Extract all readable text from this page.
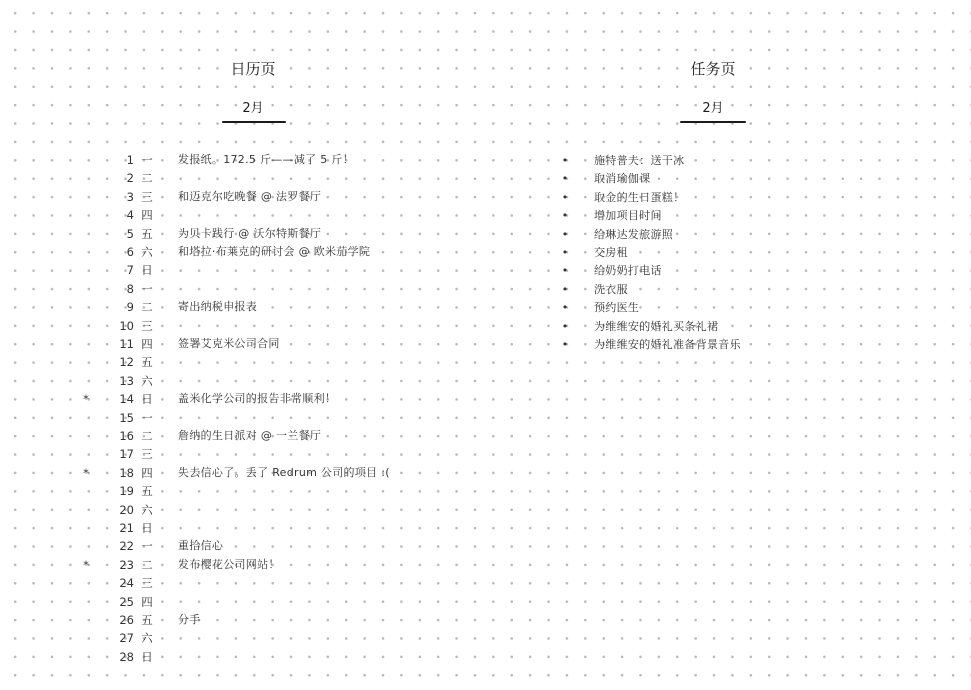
日历页
2月
1 一 发报纸。172.5 斤——减了 5 斤！
2 二
3 三 和迈克尔吃晚餐 @ 法罗餐厅
4 四
5 五 为贝卡践行 @ 沃尔特斯餐厅
6 六 和塔拉·布莱克的研讨会 @ 欧米茄学院
7 日
8 一
9 二 寄出纳税申报表
10 三
11 四 签署艾克米公司合同
12 五
13 六
*	14 日 盖米化学公司的报告非常顺利！
15 一
16 二 詹纳的生日派对 @ 一兰餐厅
17 三
*	18 四 失去信心了。丢了 Redrum 公司的项目 :(
19 五
20 六
21 日
22 一 重拾信心
*	23 二 发布樱花公司网站！
24 三
25 四
26 五 分手
27 六
28 日
任务页
2月
• 施特普夫：送干冰
• 取消瑜伽课
• 取金的生日蛋糕！
• 增加项目时间
• 给琳达发旅游照
• 交房租
• 给奶奶打电话
• 洗衣服
• 预约医生
• 为维维安的婚礼买条礼裙
• 为维维安的婚礼准备背景音乐
